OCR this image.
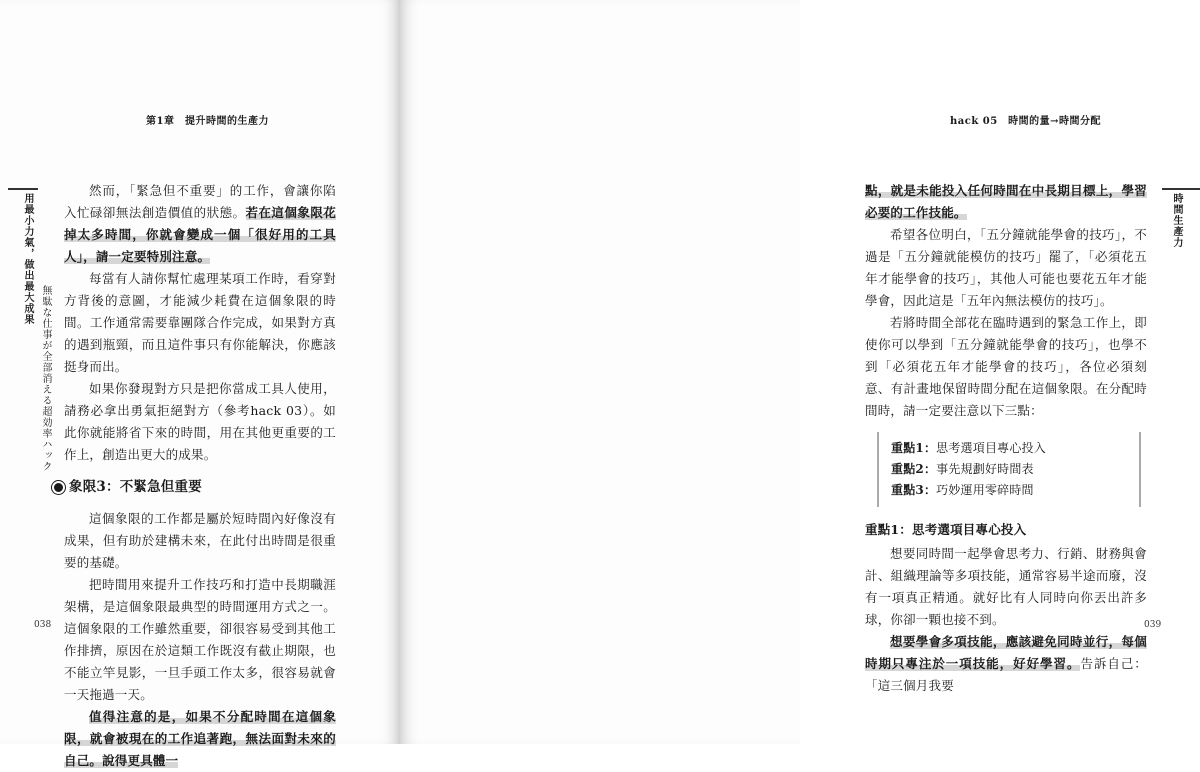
第1章　提升時間的生產力
用最小力氣，做出最大成果
無駄な仕事が全部消える超効率ハック

然而，「緊急但不重要」的工作，會讓你陷入忙碌卻無法創造價值的狀態。若在這個象限花掉太多時間，你就會變成一個「很好用的工具人」，請一定要特別注意。

每當有人請你幫忙處理某項工作時，看穿對方背後的意圖，才能減少耗費在這個象限的時間。工作通常需要靠團隊合作完成，如果對方真的遇到瓶頸，而且這件事只有你能解決，你應該挺身而出。

如果你發現對方只是把你當成工具人使用，請務必拿出勇氣拒絕對方（參考hack 03）。如此你就能將省下來的時間，用在其他更重要的工作上，創造出更大的成果。

象限3：不緊急但重要

這個象限的工作都是屬於短時間內好像沒有成果，但有助於建構未來，在此付出時間是很重要的基礎。

把時間用來提升工作技巧和打造中長期職涯架構，是這個象限最典型的時間運用方式之一。這個象限的工作雖然重要，卻很容易受到其他工作排擠，原因在於這類工作既沒有截止期限，也不能立竿見影，一旦手頭工作太多，很容易就會一天拖過一天。

值得注意的是，如果不分配時間在這個象限，就會被現在的工作追著跑，無法面對未來的自己。說得更具體一

038
hack 05　時間的量→時間分配
時間生產力

點，就是未能投入任何時間在中長期目標上，學習必要的工作技能。

希望各位明白，「五分鐘就能學會的技巧」，不過是「五分鐘就能模仿的技巧」罷了，「必須花五年才能學會的技巧」，其他人可能也要花五年才能學會，因此這是「五年內無法模仿的技巧」。

若將時間全部花在臨時遇到的緊急工作上，即使你可以學到「五分鐘就能學會的技巧」，也學不到「必須花五年才能學會的技巧」，各位必須刻意、有計畫地保留時間分配在這個象限。在分配時間時，請一定要注意以下三點：

重點1：思考選項目專心投入
重點2：事先規劃好時間表
重點3：巧妙運用零碎時間
重點1：思考選項目專心投入

想要同時間一起學會思考力、行銷、財務與會計、組織理論等多項技能，通常容易半途而廢，沒有一項真正精通。就好比有人同時向你丟出許多球，你卻一顆也接不到。

想要學會多項技能，應該避免同時並行，每個時期只專注於一項技能，好好學習。告訴自己：「這三個月我要

039
